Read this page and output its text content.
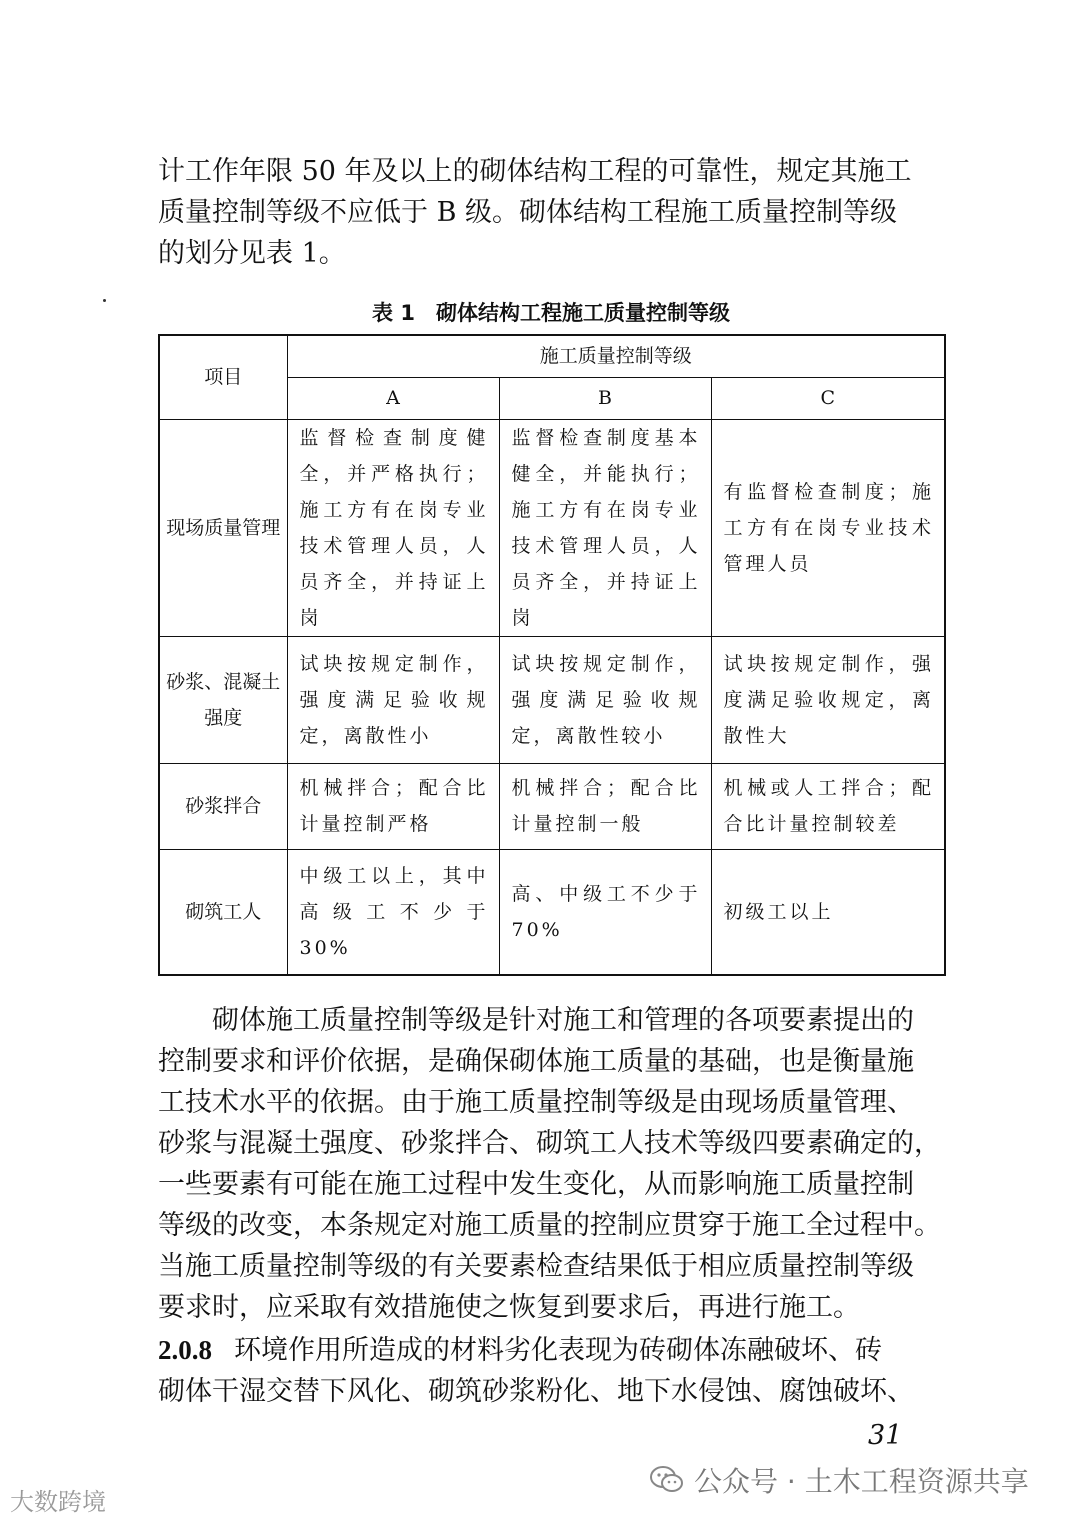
计工作年限 50 年及以上的砌体结构工程的可靠性，规定其施工
质量控制等级不应低于 B 级。砌体结构工程施工质量控制等级
的划分见表 1。
表 1　砌体结构工程施工质量控制等级
项目	施工质量控制等级		
	A	B	C
现场质量管理	监督检查制度健全，并严格执行；施工方有在岗专业技术管理人员，人员齐全，并持证上岗	监督检查制度基本健全，并能执行；施工方有在岗专业技术管理人员，人员齐全，并持证上岗	有监督检查制度；施工方有在岗专业技术管理人员
砂浆、混凝土强度	试块按规定制作，强度满足验收规定，离散性小	试块按规定制作，强度满足验收规定，离散性较小	试块按规定制作，强度满足验收规定，离散性大
砂浆拌合	机械拌合；配合比计量控制严格	机械拌合；配合比计量控制一般	机械或人工拌合；配合比计量控制较差
砌筑工人	中级工以上，其中高级工不少于 30%	高、中级工不少于 70%	初级工以上
砌体施工质量控制等级是针对施工和管理的各项要素提出的
控制要求和评价依据，是确保砌体施工质量的基础，也是衡量施
工技术水平的依据。由于施工质量控制等级是由现场质量管理、
砂浆与混凝土强度、砂浆拌合、砌筑工人技术等级四要素确定的，
一些要素有可能在施工过程中发生变化，从而影响施工质量控制
等级的改变，本条规定对施工质量的控制应贯穿于施工全过程中。
当施工质量控制等级的有关要素检查结果低于相应质量控制等级
要求时，应采取有效措施使之恢复到要求后，再进行施工。
2.0.8 环境作用所造成的材料劣化表现为砖砌体冻融破坏、砖
砌体干湿交替下风化、砌筑砂浆粉化、地下水侵蚀、腐蚀破坏、
31
公众号 · 土木工程资源共享
大数跨境
